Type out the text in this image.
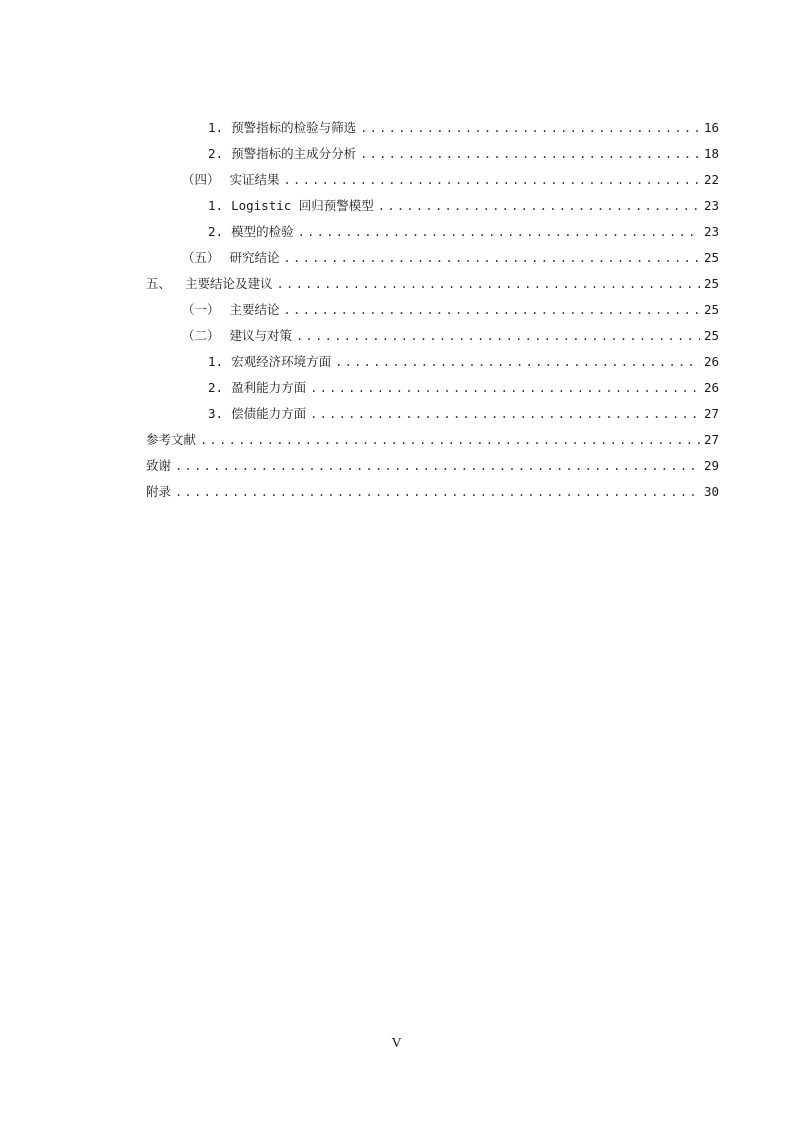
1. 预警指标的检验与筛选 .....	16
2. 预警指标的主成分分析 .....	18
（四） 实证结果 .....	22
1. Logistic 回归预警模型 .....	23
2. 模型的检验 .....	23
（五） 研究结论 .....	25
五、 主要结论及建议 .....	25
（一） 主要结论 .....	25
（二） 建议与对策 .....	25
1. 宏观经济环境方面 .....	26
2. 盈利能力方面 .....	26
3. 偿债能力方面 .....	27
参考文献 .....	27
致谢 .....	29
附录 .....	30
V
